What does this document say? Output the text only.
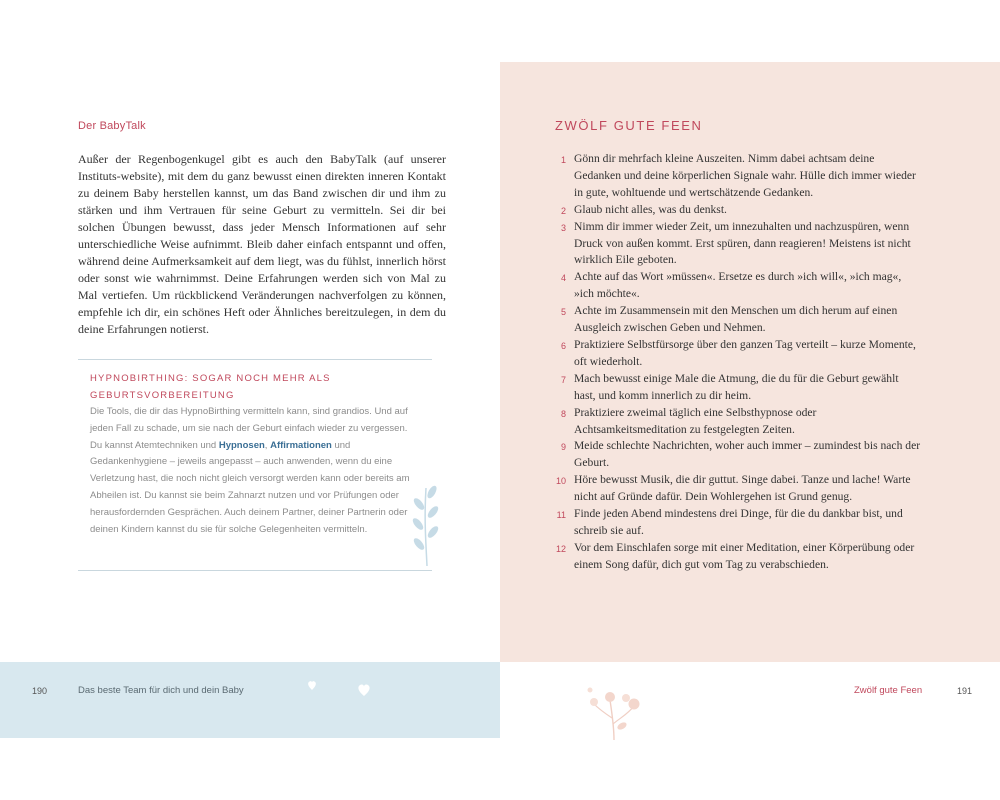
Der BabyTalk

Außer der Regenbogenkugel gibt es auch den BabyTalk (auf unserer Instituts-website), mit dem du ganz bewusst einen direkten inneren Kontakt zu deinem Baby herstellen kannst, um das Band zwischen dir und ihm zu stärken und ihm Vertrauen für seine Geburt zu vermitteln. Sei dir bei solchen Übungen bewusst, dass jeder Mensch Informationen auf sehr unterschiedliche Weise aufnimmt. Bleib daher einfach entspannt und offen, während deine Aufmerksamkeit auf dem liegt, was du fühlst, innerlich hörst oder sonst wie wahrnimmst. Deine Erfahrungen werden sich von Mal zu Mal vertiefen. Um rückblickend Veränderungen nachverfolgen zu können, empfehle ich dir, ein schönes Heft oder Ähnliches bereitzulegen, in dem du deine Erfahrungen notierst.

HYPNOBIRTHING: SOGAR NOCH MEHR ALS GEBURTSVORBEREITUNG

Die Tools, die dir das HypnoBirthing vermitteln kann, sind grandios. Und auf jeden Fall zu schade, um sie nach der Geburt einfach wieder zu vergessen. Du kannst Atemtechniken und Hypnosen, Affirmationen und Gedankenhygiene – jeweils angepasst – auch anwenden, wenn du eine Verletzung hast, die noch nicht gleich versorgt werden kann oder bereits am Abheilen ist. Du kannst sie beim Zahnarzt nutzen und vor Prüfungen oder herausfordernden Gesprächen. Auch deinem Partner, deiner Partnerin oder deinen Kindern kannst du sie für solche Gelegenheiten vermitteln.

190	Das beste Team für dich und dein Baby
ZWÖLF GUTE FEEN
1 Gönn dir mehrfach kleine Auszeiten. Nimm dabei achtsam deine Gedanken und deine körperlichen Signale wahr. Hülle dich immer wieder in gute, wohltuende und wertschätzende Gedanken.
2 Glaub nicht alles, was du denkst.
3 Nimm dir immer wieder Zeit, um innezuhalten und nachzuspüren, wenn Druck von außen kommt. Erst spüren, dann reagieren! Meistens ist nicht wirklich Eile geboten.
4 Achte auf das Wort »müssen«. Ersetze es durch »ich will«, »ich mag«, »ich möchte«.
5 Achte im Zusammensein mit den Menschen um dich herum auf einen Ausgleich zwischen Geben und Nehmen.
6 Praktiziere Selbstfürsorge über den ganzen Tag verteilt – kurze Momente, oft wiederholt.
7 Mach bewusst einige Male die Atmung, die du für die Geburt gewählt hast, und komm innerlich zu dir heim.
8 Praktiziere zweimal täglich eine Selbsthypnose oder Achtsamkeitsmeditation zu festgelegten Zeiten.
9 Meide schlechte Nachrichten, woher auch immer – zumindest bis nach der Geburt.
10 Höre bewusst Musik, die dir guttut. Singe dabei. Tanze und lache! Warte nicht auf Gründe dafür. Dein Wohlergehen ist Grund genug.
11 Finde jeden Abend mindestens drei Dinge, für die du dankbar bist, und schreib sie auf.
12 Vor dem Einschlafen sorge mit einer Meditation, einer Körperübung oder einem Song dafür, dich gut vom Tag zu verabschieden.
Zwölf gute Feen	191
